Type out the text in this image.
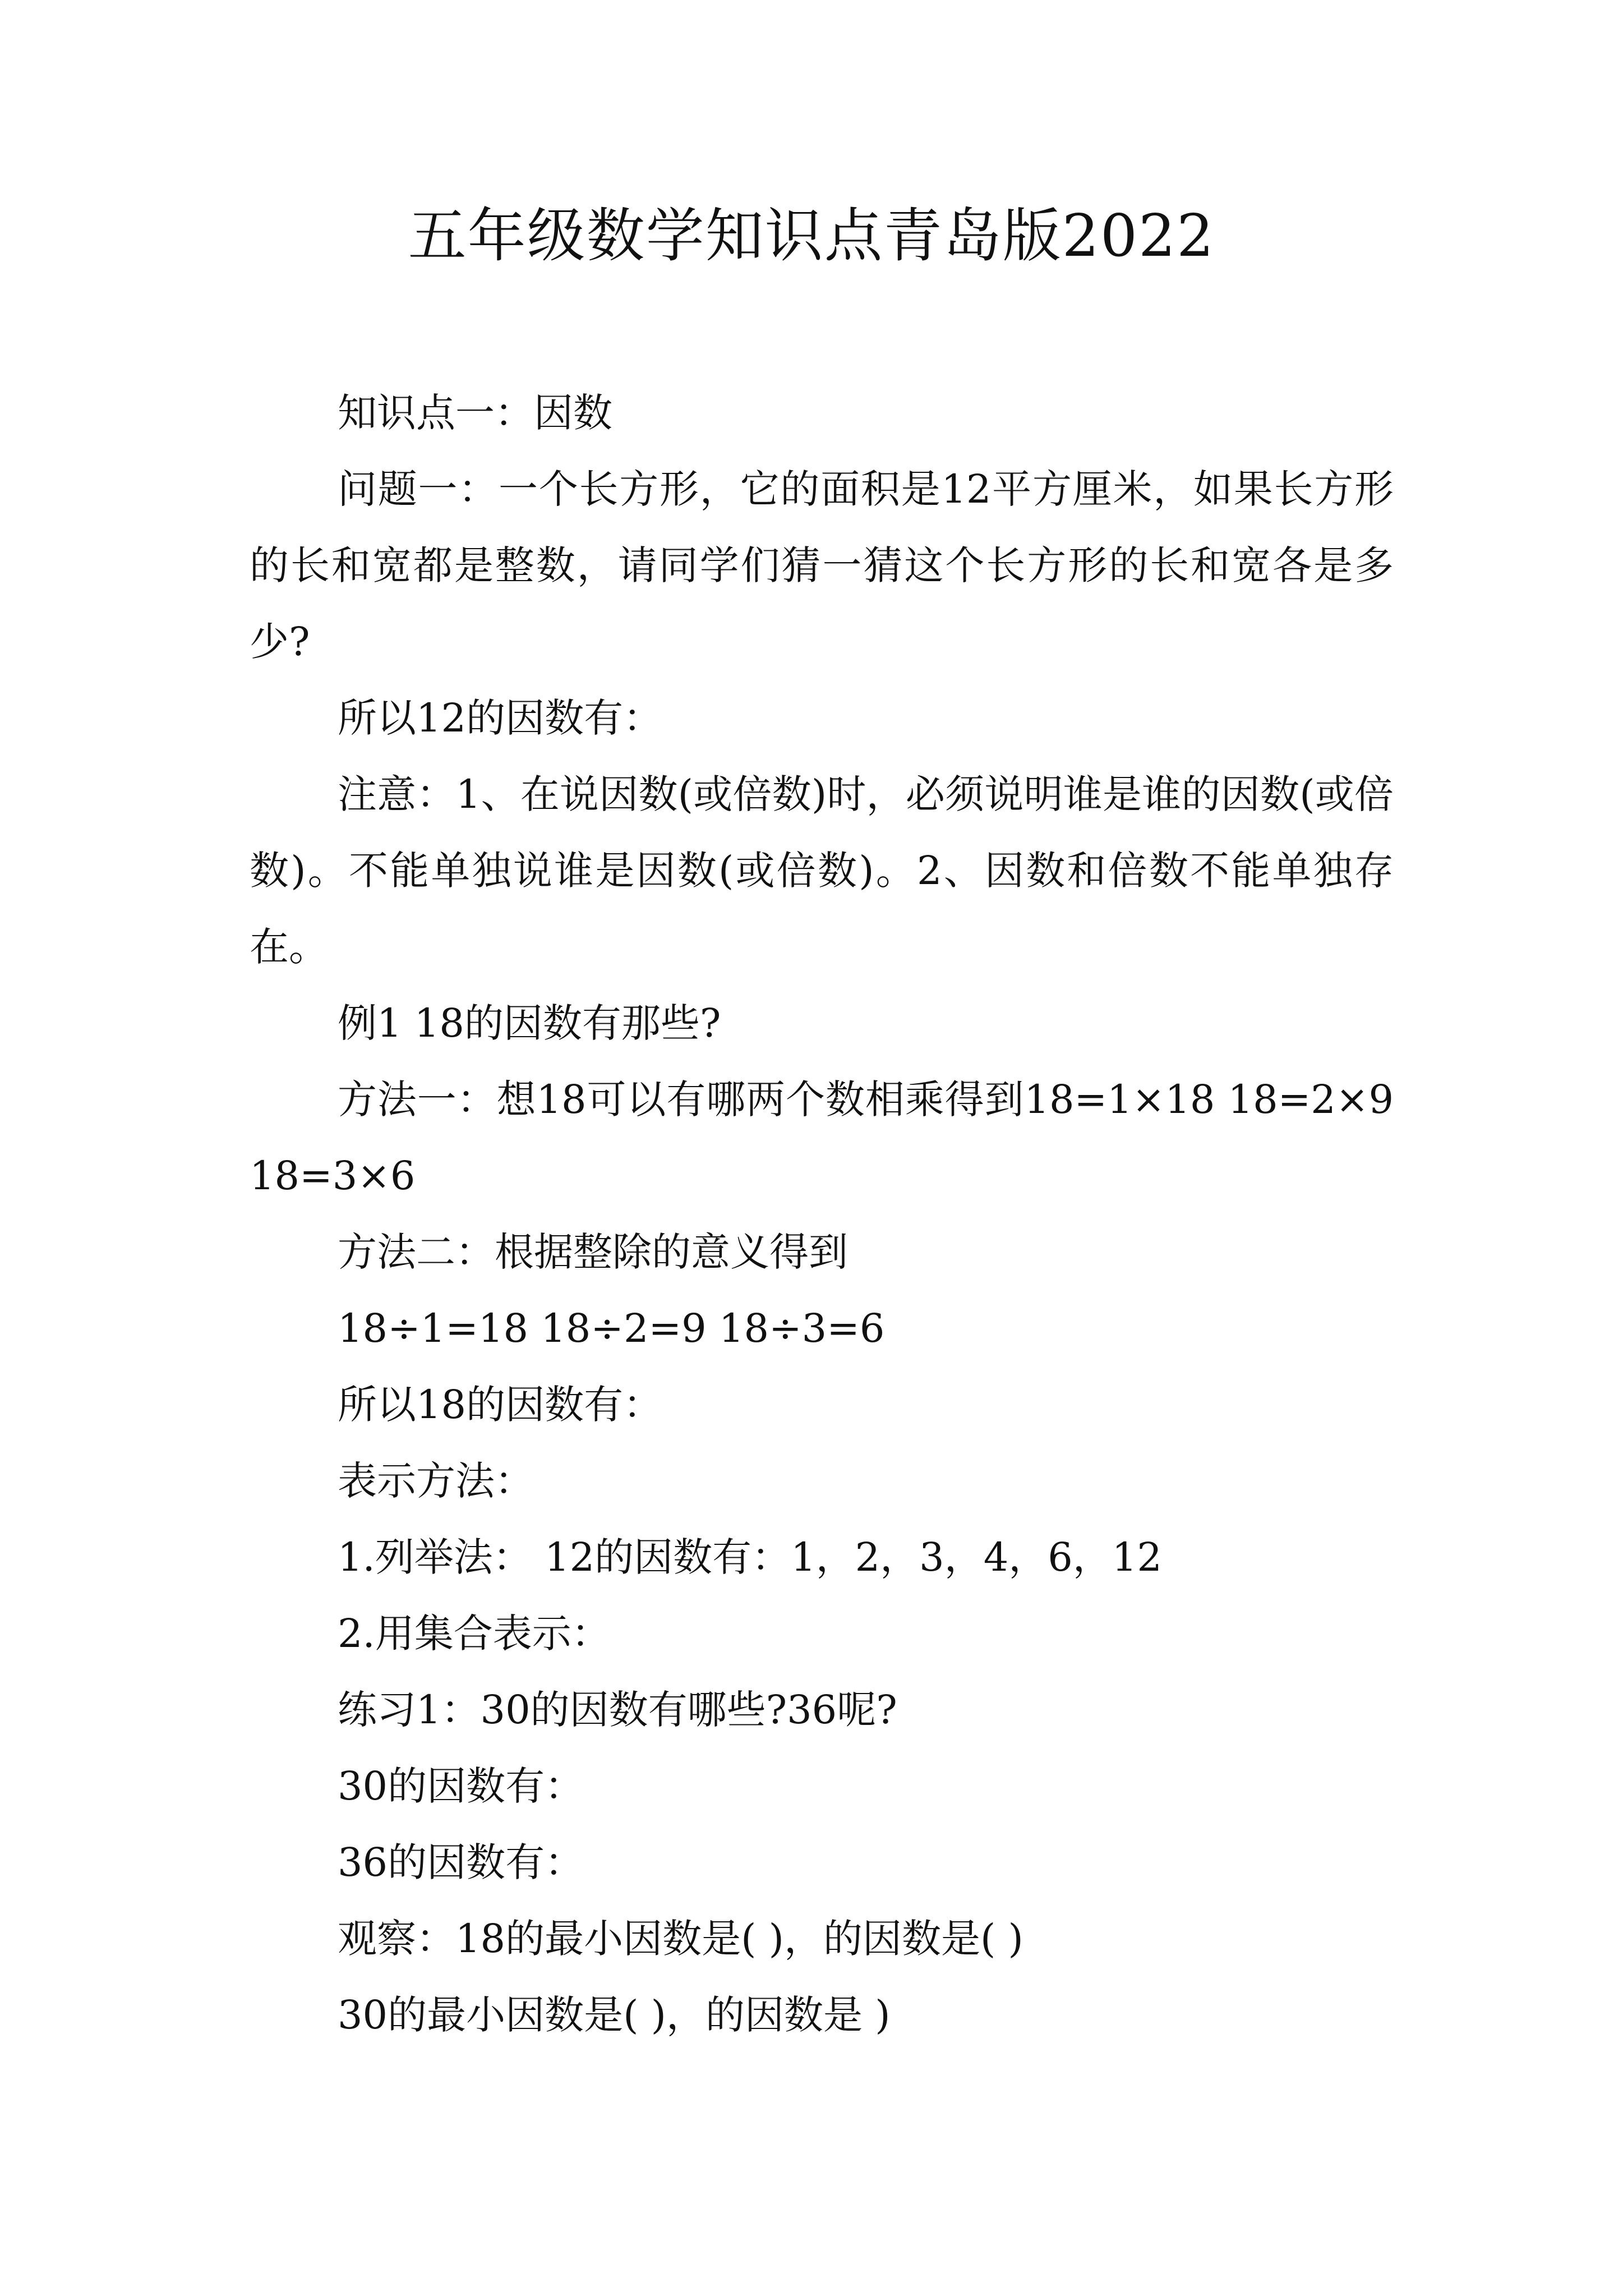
五年级数学知识点青岛版2022

知识点一：因数

问题一：一个长方形，它的面积是12平方厘米，如果长方形的长和宽都是整数，请同学们猜一猜这个长方形的长和宽各是多少?

所以12的因数有：

注意：1、在说因数(或倍数)时，必须说明谁是谁的因数(或倍数)。不能单独说谁是因数(或倍数)。2、因数和倍数不能单独存在。

例1 18的因数有那些?

方法一：想18可以有哪两个数相乘得到18=1×18 18=2×9 18=3×6

方法二：根据整除的意义得到

18÷1=18 18÷2=9 18÷3=6

所以18的因数有：

表示方法：

1.列举法： 12的因数有：1，2，3，4，6，12

2.用集合表示：

练习1：30的因数有哪些?36呢?

30的因数有：

36的因数有：

观察：18的最小因数是( )，的因数是( )

30的最小因数是( )，的因数是 )
